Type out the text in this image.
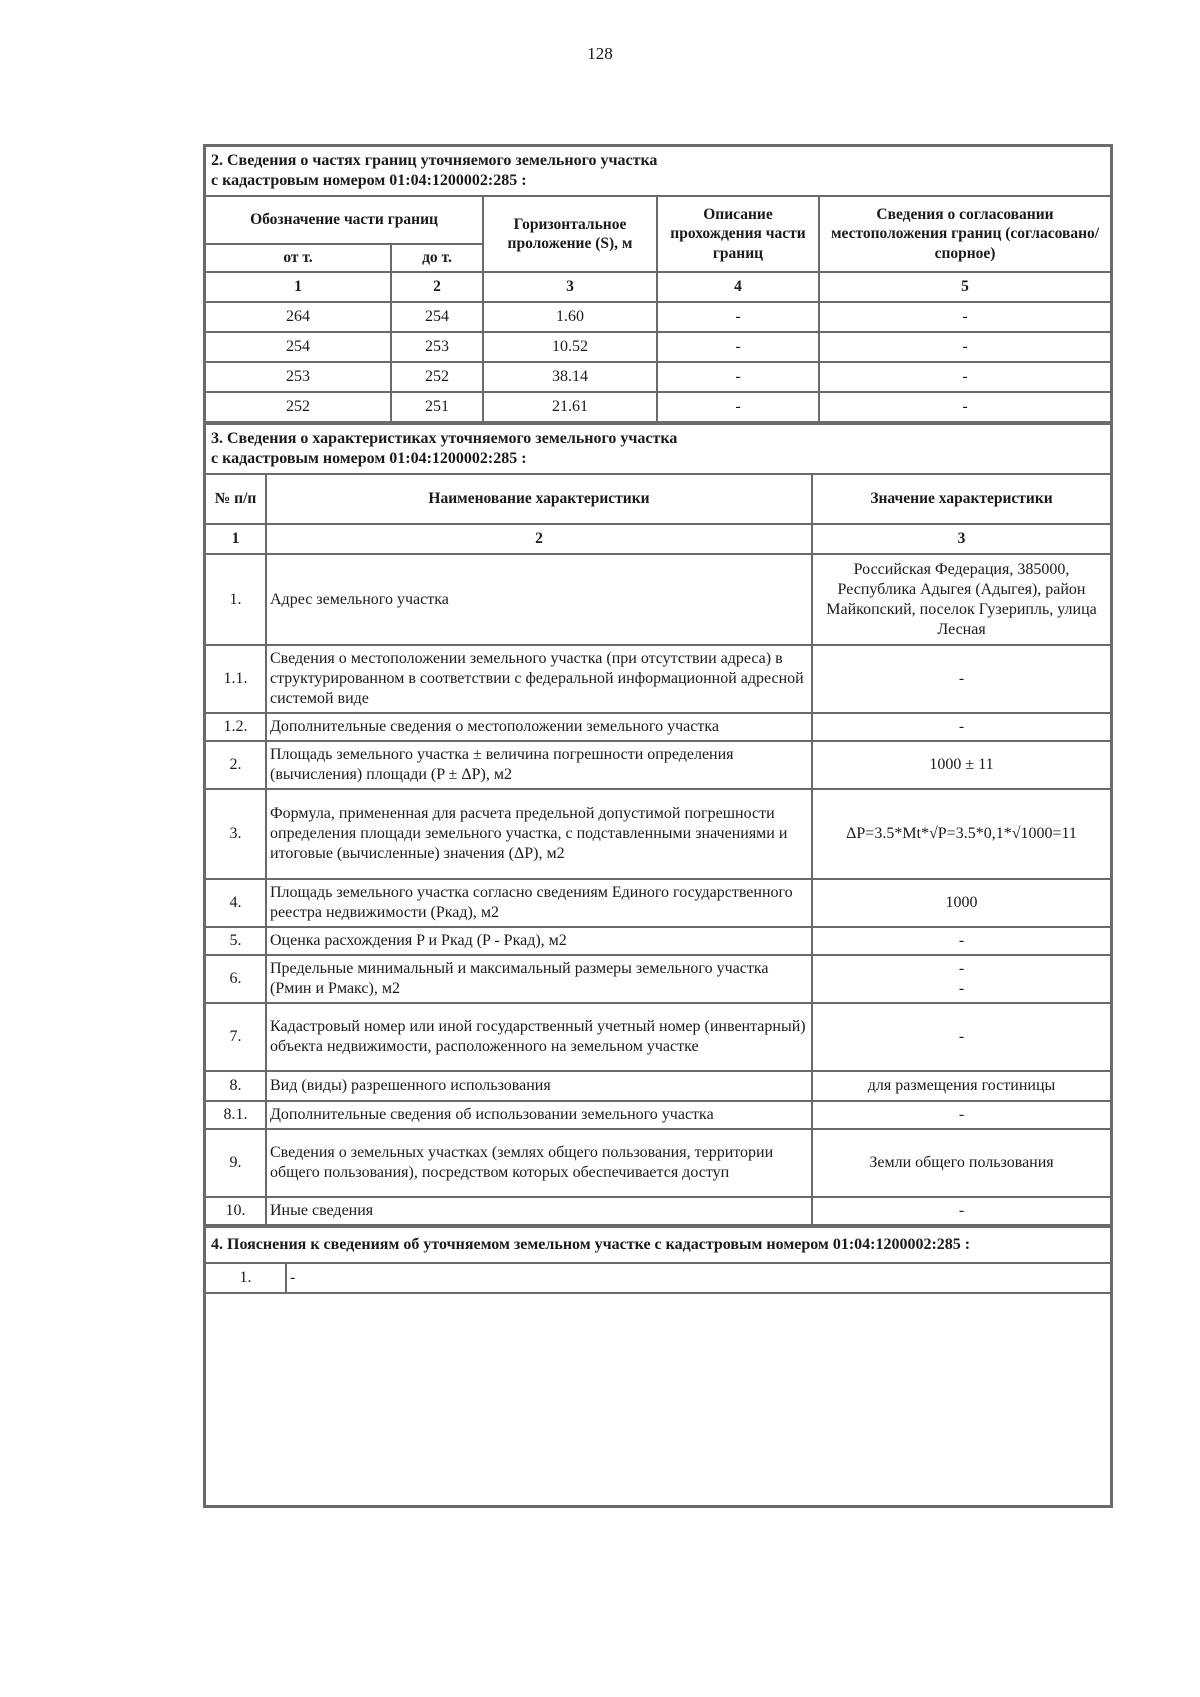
128
2. Сведения о частях границ уточняемого земельного участка
с кадастровым номером 01:04:1200002:285 :				

Обозначение части границ		Горизонтальное проложение (S), м	Описание прохождения части границ	Сведения о согласовании местоположения границ (согласовано/спорное)
от т.	до т.			
1	2	3	4	5
264	254	1.60	-	-
254	253	10.52	-	-
253	252	38.14	-	-
252	251	21.61	-	-
3. Сведения о характеристиках уточняемого земельного участка
с кадастровым номером 01:04:1200002:285 :		

№ п/п	Наименование характеристики	Значение характеристики
1	2	3
1.	Адрес земельного участка	Российская Федерация, 385000, Республика Адыгея (Адыгея), район Майкопский, поселок Гузерипль, улица Лесная
1.1.	Сведения о местоположении земельного участка (при отсутствии адреса) в структурированном в соответствии с федеральной информационной адресной системой виде	-
1.2.	Дополнительные сведения о местоположении земельного участка	-
2.	Площадь земельного участка ± величина погрешности определения (вычисления) площади (P ± ΔP), м2	1000 ± 11
3.	Формула, примененная для расчета предельной допустимой погрешности определения площади земельного участка, с подставленными значениями и итоговые (вычисленные) значения (ΔP), м2	ΔP=3.5*Mt*√P=3.5*0,1*√1000=11
4.	Площадь земельного участка согласно сведениям Единого государственного реестра недвижимости (Ркад), м2	1000
5.	Оценка расхождения P и Ркад (P - Ркад), м2	-
6.	Предельные минимальный и максимальный размеры земельного участка (Рмин и Рмакс), м2	-
-
7.	Кадастровый номер или иной государственный учетный номер (инвентарный) объекта недвижимости, расположенного на земельном участке	-
8.	Вид (виды) разрешенного использования	для размещения гостиницы
8.1.	Дополнительные сведения об использовании земельного участка	-
9.	Сведения о земельных участках (землях общего пользования, территории общего пользования), посредством которых обеспечивается доступ	Земли общего пользования
10.	Иные сведения	-
4. Пояснения к сведениям об уточняемом земельном участке с кадастровым номером 01:04:1200002:285 :
1.	-
